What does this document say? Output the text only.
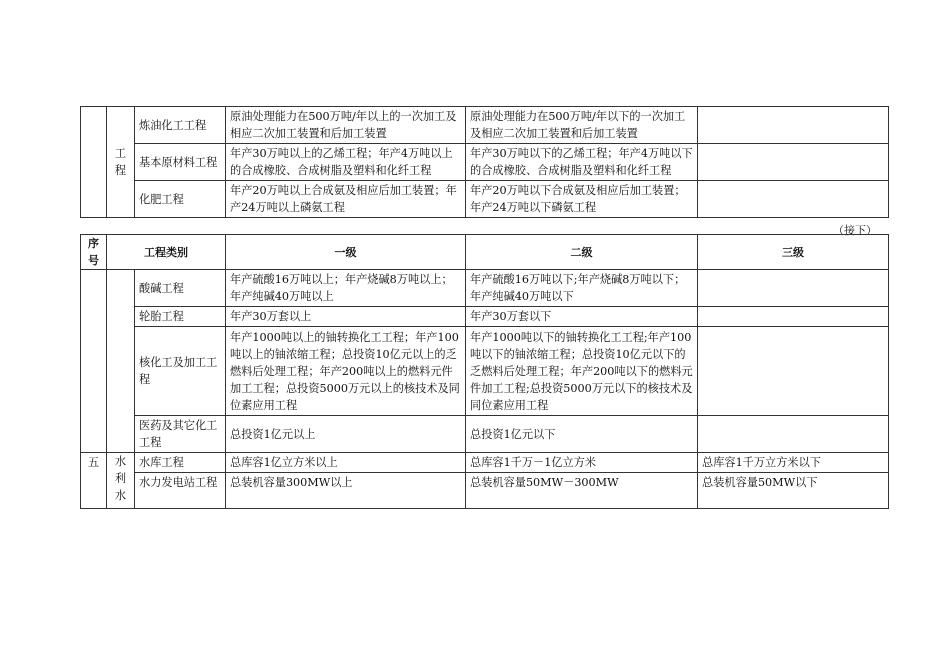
	工程	炼油化工工程	原油处理能力在500万吨/年以上的一次加工及相应二次加工装置和后加工装置	原油处理能力在500万吨/年以下的一次加工及相应二次加工装置和后加工装置	
		基本原材料工程	年产30万吨以上的乙烯工程；年产4万吨以上的合成橡胶、合成树脂及塑料和化纤工程	年产30万吨以下的乙烯工程；年产4万吨以下的合成橡胶、合成树脂及塑料和化纤工程	
		化肥工程	年产20万吨以上合成氨及相应后加工装置；年产24万吨以上磷氨工程	年产20万吨以下合成氨及相应后加工装置；年产24万吨以下磷氨工程	
（接下）
序号	工程类别		一级	二级	三级
		酸碱工程	年产硫酸16万吨以上；年产烧碱8万吨以上；年产纯碱40万吨以上	年产硫酸16万吨以下;年产烧碱8万吨以下；年产纯碱40万吨以下	
		轮胎工程	年产30万套以上	年产30万套以下	
		核化工及加工工程	年产1000吨以上的铀转换化工工程；年产100吨以上的铀浓缩工程；总投资10亿元以上的乏燃料后处理工程；年产200吨以上的燃料元件加工工程；总投资5000万元以上的核技术及同位素应用工程	年产1000吨以下的铀转换化工工程;年产100吨以下的铀浓缩工程；总投资10亿元以下的乏燃料后处理工程；年产200吨以下的燃料元件加工工程;总投资5000万元以下的核技术及同位素应用工程	
		医药及其它化工工程	总投资1亿元以上	总投资1亿元以下	
五	水利水	水库工程	总库容1亿立方米以上	总库容1千万－1亿立方米	总库容1千万立方米以下
		水力发电站工程	总装机容量300MW以上	总装机容量50MW－300MW	总装机容量50MW以下
